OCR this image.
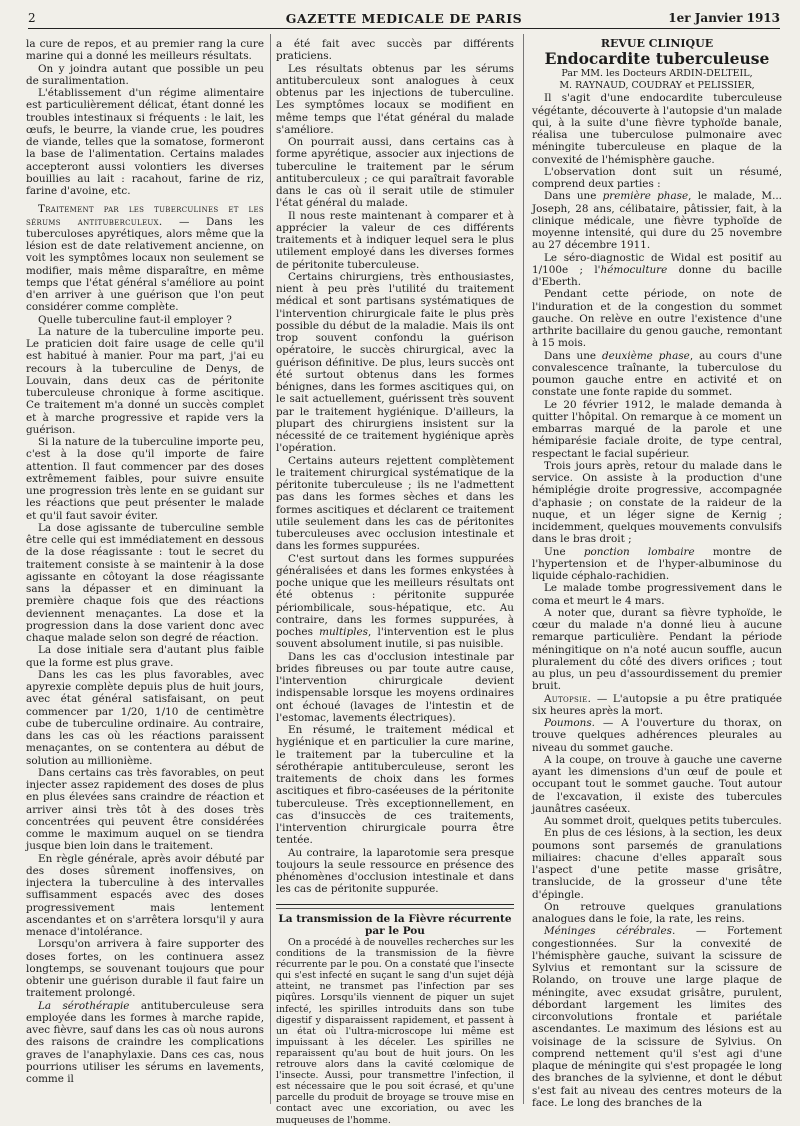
2	GAZETTE MEDICALE DE PARIS	1er Janvier 1913

la cure de repos, et au premier rang la cure marine qui a donné les meilleurs résultats.

On y joindra autant que possible un peu de suralimentation.

L'établissement d'un régime alimentaire est particulièrement délicat, étant donné les troubles intestinaux si fréquents : le lait, les œufs, le beurre, la viande crue, les poudres de viande, telles que la somatose, formeront la base de l'alimentation. Certains malades accepteront aussi volontiers les diverses bouillies au lait : racahout, farine de riz, farine d'avoine, etc.

Traitement par les tuberculines et les sérums antituberculeux. — Dans les tuberculoses apyrétiques, alors même que la lésion est de date relativement ancienne, on voit les symptômes locaux non seulement se modifier, mais même disparaître, en même temps que l'état général s'améliore au point d'en arriver à une guérison que l'on peut considérer comme complète.

Quelle tuberculine faut-il employer ?

La nature de la tuberculine importe peu. Le praticien doit faire usage de celle qu'il est habitué à manier. Pour ma part, j'ai eu recours à la tuberculine de Denys, de Louvain, dans deux cas de péritonite tuberculeuse chronique à forme ascitique. Ce traitement m'a donné un succès complet et à marche progressive et rapide vers la guérison.

Si la nature de la tuberculine importe peu, c'est à la dose qu'il importe de faire attention. Il faut commencer par des doses extrêmement faibles, pour suivre ensuite une progression très lente en se guidant sur les réactions que peut présenter le malade et qu'il faut savoir éviter.

La dose agissante de tuberculine semble être celle qui est immédiatement en dessous de la dose réagissante : tout le secret du traitement consiste à se maintenir à la dose agissante en côtoyant la dose réagissante sans la dépasser et en diminuant la première chaque fois que des réactions deviennent menaçantes. La dose et la progression dans la dose varient donc avec chaque malade selon son degré de réaction.

La dose initiale sera d'autant plus faible que la forme est plus grave.

Dans les cas les plus favorables, avec apyrexie complète depuis plus de huit jours, avec état général satisfaisant, on peut commencer par 1/20, 1/10 de centimètre cube de tuberculine ordinaire. Au contraire, dans les cas où les réactions paraissent menaçantes, on se contentera au début de solution au millionième.

Dans certains cas très favorables, on peut injecter assez rapidement des doses de plus en plus élevées sans craindre de réaction et arriver ainsi très tôt à des doses très concentrées qui peuvent être considérées comme le maximum auquel on se tiendra jusque bien loin dans le traitement.

En règle générale, après avoir débuté par des doses sûrement inoffensives, on injectera la tuberculine à des intervalles suffisamment espacés avec des doses progressivement mais lentement ascendantes et on s'arrêtera lorsqu'il y aura menace d'intolérance.

Lorsqu'on arrivera à faire supporter des doses fortes, on les continuera assez longtemps, se souvenant toujours que pour obtenir une guérison durable il faut faire un traitement prolongé.

La sérothérapie antituberculeuse sera employée dans les formes à marche rapide, avec fièvre, sauf dans les cas où nous aurons des raisons de craindre les complications graves de l'anaphylaxie. Dans ces cas, nous pourrions utiliser les sérums en lavements, comme il

a été fait avec succès par différents praticiens.

Les résultats obtenus par les sérums antituberculeux sont analogues à ceux obtenus par les injections de tuberculine. Les symptômes locaux se modifient en même temps que l'état général du malade s'améliore.

On pourrait aussi, dans certains cas à forme apyrétique, associer aux injections de tuberculine le traitement par le sérum antituberculeux ; ce qui paraîtrait favorable dans le cas où il serait utile de stimuler l'état général du malade.

Il nous reste maintenant à comparer et à apprécier la valeur de ces différents traitements et à indiquer lequel sera le plus utilement employé dans les diverses formes de péritonite tuberculeuse.

Certains chirurgiens, très enthousiastes, nient à peu près l'utilité du traitement médical et sont partisans systématiques de l'intervention chirurgicale faite le plus près possible du début de la maladie. Mais ils ont trop souvent confondu la guérison opératoire, le succès chirurgical, avec la guérison définitive. De plus, leurs succès ont été surtout obtenus dans les formes bénignes, dans les formes ascitiques qui, on le sait actuellement, guérissent très souvent par le traitement hygiénique. D'ailleurs, la plupart des chirurgiens insistent sur la nécessité de ce traitement hygiénique après l'opération.

Certains auteurs rejettent complètement le traitement chirurgical systématique de la péritonite tuberculeuse ; ils ne l'admettent pas dans les formes sèches et dans les formes ascitiques et déclarent ce traitement utile seulement dans les cas de péritonites tuberculeuses avec occlusion intestinale et dans les formes suppurées.

C'est surtout dans les formes suppurées généralisées et dans les formes enkystées à poche unique que les meilleurs résultats ont été obtenus : péritonite suppurée périombilicale, sous-hépatique, etc. Au contraire, dans les formes suppurées, à poches multiples, l'intervention est le plus souvent absolument inutile, si pas nuisible.

Dans les cas d'occlusion intestinale par brides fibreuses ou par toute autre cause, l'intervention chirurgicale devient indispensable lorsque les moyens ordinaires ont échoué (lavages de l'intestin et de l'estomac, lavements électriques).

En résumé, le traitement médical et hygiénique et en particulier la cure marine, le traitement par la tuberculine et la sérothérapie antituberculeuse, seront les traitements de choix dans les formes ascitiques et fibro-caséeuses de la péritonite tuberculeuse. Très exceptionnellement, en cas d'insuccès de ces traitements, l'intervention chirurgicale pourra être tentée.

Au contraire, la laparotomie sera presque toujours la seule ressource en présence des phénomènes d'occlusion intestinale et dans les cas de péritonite suppurée.

La transmission de la Fièvre récurrente par le Pou

On a procédé à de nouvelles recherches sur les conditions de la transmission de la fièvre récurrente par le pou. On a constaté que l'insecte qui s'est infecté en suçant le sang d'un sujet déjà atteint, ne transmet pas l'infection par ses piqûres. Lorsqu'ils viennent de piquer un sujet infecté, les spirilles introduits dans son tube digestif y disparaissent rapidement, et passent à un état où l'ultra-microscope lui même est impuissant à les déceler. Les spirilles ne reparaissent qu'au bout de huit jours. On les retrouve alors dans la cavité cœlomique de l'insecte. Aussi, pour transmettre l'infection, il est nécessaire que le pou soit écrasé, et qu'une parcelle du produit de broyage se trouve mise en contact avec une excoriation, ou avec les muqueuses de l'homme.

REVUE CLINIQUE

Endocardite tuberculeuse

Par MM. les Docteurs ARDIN-DELTEIL,
M. RAYNAUD, COUDRAY et PELISSIER,

Il s'agit d'une endocardite tuberculeuse végétante, découverte à l'autopsie d'un malade qui, à la suite d'une fièvre typhoïde banale, réalisa une tuberculose pulmonaire avec méningite tuberculeuse en plaque de la convexité de l'hémisphère gauche.

L'observation dont suit un résumé, comprend deux parties :

Dans une première phase, le malade, M... Joseph, 28 ans, célibataire, pâtissier, fait, à la clinique médicale, une fièvre typhoïde de moyenne intensité, qui dure du 25 novembre au 27 décembre 1911.

Le séro-diagnostic de Widal est positif au 1/100e ; l'hémoculture donne du bacille d'Eberth.

Pendant cette période, on note de l'induration et de la congestion du sommet gauche. On relève en outre l'existence d'une arthrite bacillaire du genou gauche, remontant à 15 mois.

Dans une deuxième phase, au cours d'une convalescence traînante, la tuberculose du poumon gauche entre en activité et on constate une fonte rapide du sommet.

Le 20 février 1912, le malade demanda à quitter l'hôpital. On remarque à ce moment un embarras marqué de la parole et une hémiparésie faciale droite, de type central, respectant le facial supérieur.

Trois jours après, retour du malade dans le service. On assiste à la production d'une hémiplégie droite progressive, accompagnée d'aphasie ; on constate de la raideur de la nuque, et un léger signe de Kernig ; incidemment, quelques mouvements convulsifs dans le bras droit ;

Une ponction lombaire montre de l'hypertension et de l'hyper-albuminose du liquide céphalo-rachidien.

Le malade tombe progressivement dans le coma et meurt le 4 mars.

A noter que, durant sa fièvre typhoïde, le cœur du malade n'a donné lieu à aucune remarque particulière. Pendant la période méningitique on n'a noté aucun souffle, aucun pluralement du côté des divers orifices ; tout au plus, un peu d'assourdissement du premier bruit.

Autopsie. — L'autopsie a pu être pratiquée six heures après la mort.

Poumons. — A l'ouverture du thorax, on trouve quelques adhérences pleurales au niveau du sommet gauche.

A la coupe, on trouve à gauche une caverne ayant les dimensions d'un œuf de poule et occupant tout le sommet gauche. Tout autour de l'excavation, il existe des tubercules jaunâtres caséeux.

Au sommet droit, quelques petits tubercules.

En plus de ces lésions, à la section, les deux poumons sont parsemés de granulations miliaires: chacune d'elles apparaît sous l'aspect d'une petite masse grisâtre, translucide, de la grosseur d'une tête d'épingle.

On retrouve quelques granulations analogues dans le foie, la rate, les reins.

Méninges cérébrales. — Fortement congestionnées. Sur la convexité de l'hémisphère gauche, suivant la scissure de Sylvius et remontant sur la scissure de Rolando, on trouve une large plaque de méningite, avec exsudat grisâtre, purulent, débordant largement les limites des circonvolutions frontale et pariétale ascendantes. Le maximum des lésions est au voisinage de la scissure de Sylvius. On comprend nettement qu'il s'est agi d'une plaque de méningite qui s'est propagée le long des branches de la sylvienne, et dont le début s'est fait au niveau des centres moteurs de la face. Le long des branches de la
